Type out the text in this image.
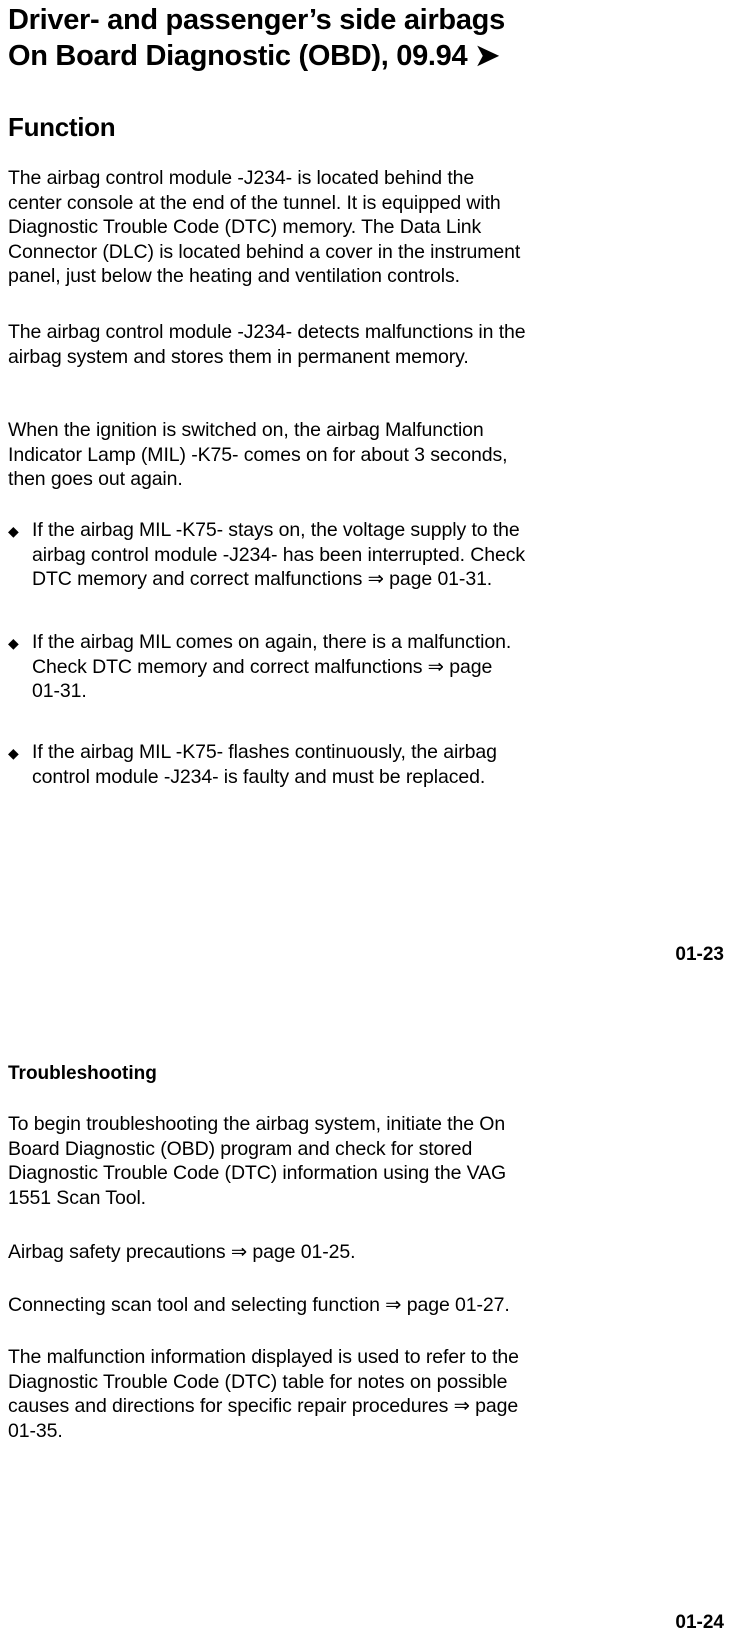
Driver- and passenger’s side airbags
On Board Diagnostic (OBD), 09.94 ➤
Function
The airbag control module -J234- is located behind the
center console at the end of the tunnel. It is equipped with
Diagnostic Trouble Code (DTC) memory. The Data Link
Connector (DLC) is located behind a cover in the instrument
panel, just below the heating and ventilation controls.
The airbag control module -J234- detects malfunctions in the
airbag system and stores them in permanent memory.
When the ignition is switched on, the airbag Malfunction
Indicator Lamp (MIL) -K75- comes on for about 3 seconds,
then goes out again.
◆ If the airbag MIL -K75- stays on, the voltage supply to the
airbag control module -J234- has been interrupted. Check
DTC memory and correct malfunctions ⇒ page 01-31.
◆ If the airbag MIL comes on again, there is a malfunction.
Check DTC memory and correct malfunctions ⇒ page
01-31.
◆ If the airbag MIL -K75- flashes continuously, the airbag
control module -J234- is faulty and must be replaced.
01-23
Troubleshooting
To begin troubleshooting the airbag system, initiate the On
Board Diagnostic (OBD) program and check for stored
Diagnostic Trouble Code (DTC) information using the VAG
1551 Scan Tool.
Airbag safety precautions ⇒ page 01-25.
Connecting scan tool and selecting function ⇒ page 01-27.
The malfunction information displayed is used to refer to the
Diagnostic Trouble Code (DTC) table for notes on possible
causes and directions for specific repair procedures ⇒ page
01-35.
01-24
